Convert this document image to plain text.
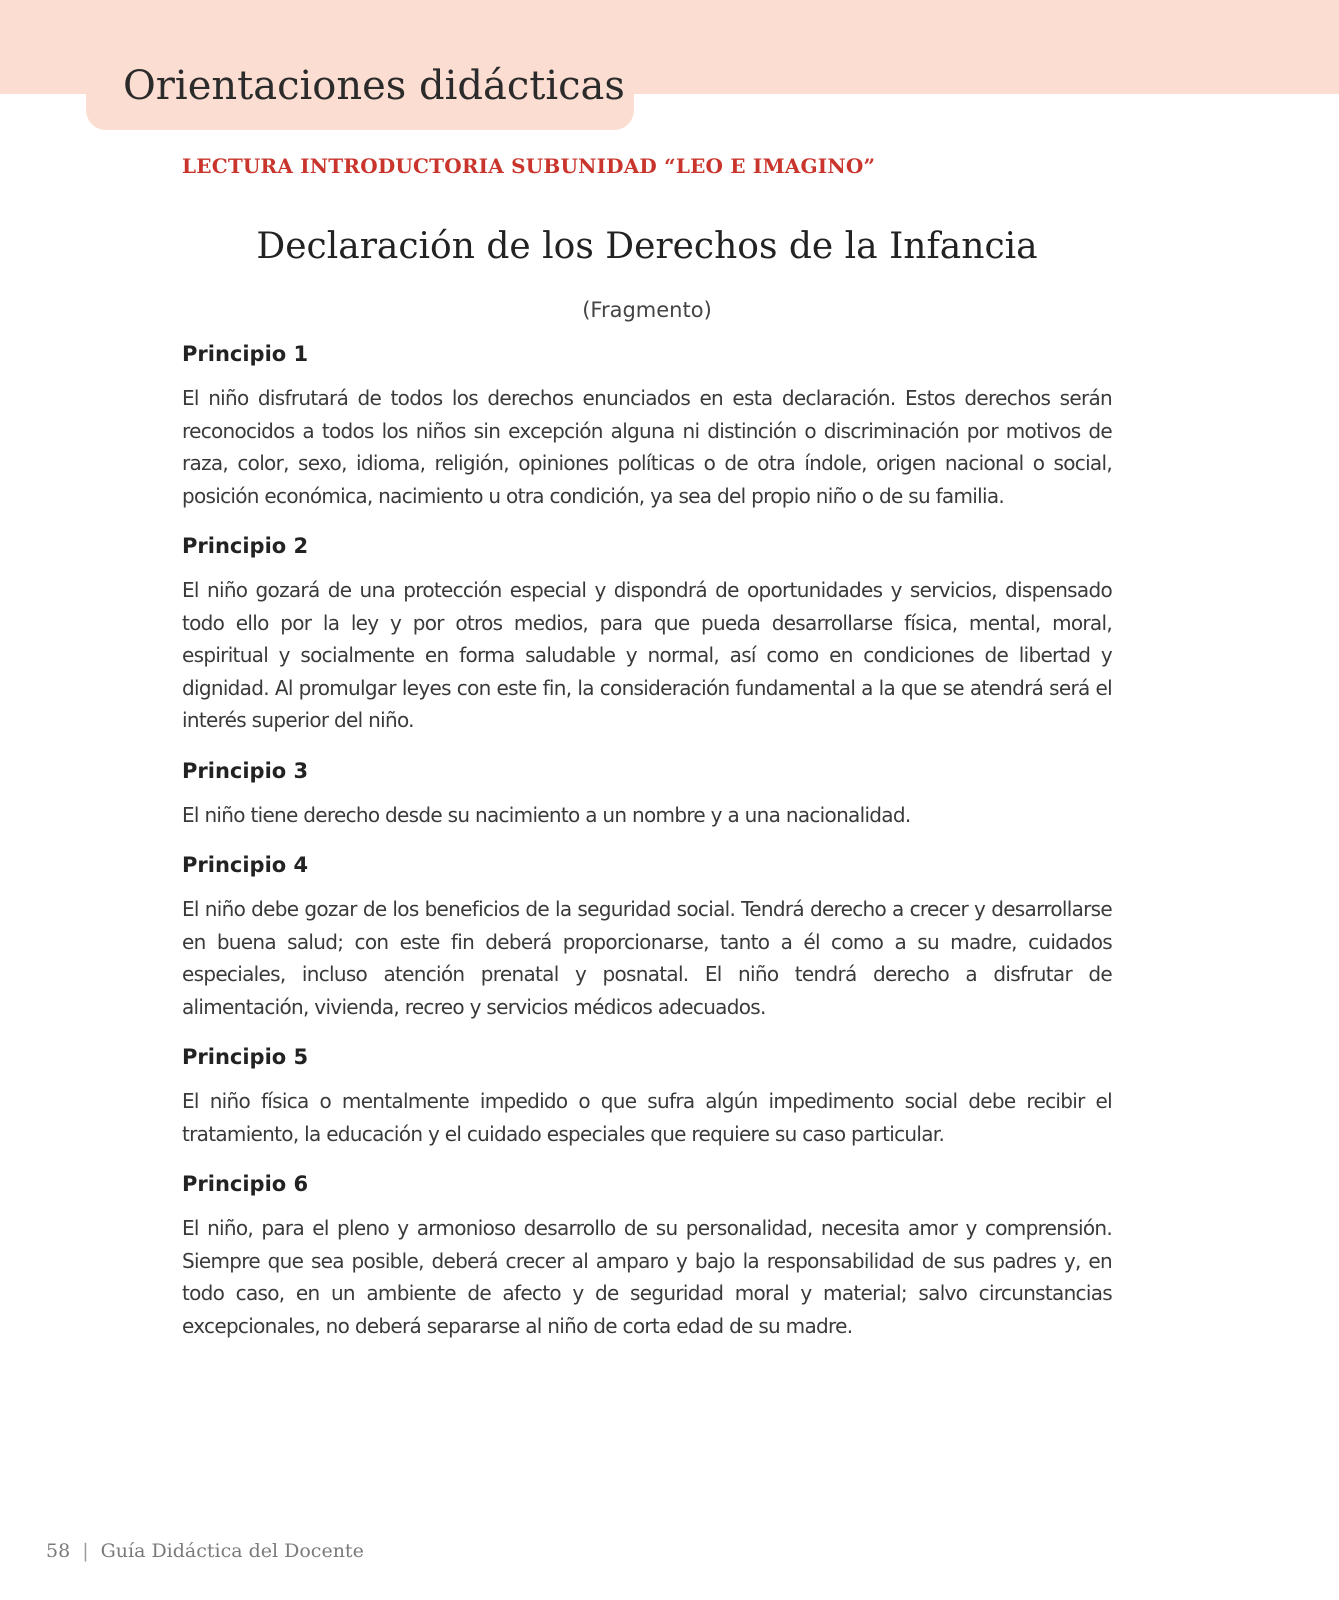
Orientaciones didácticas
LECTURA INTRODUCTORIA SUBUNIDAD “LEO E IMAGINO”
Declaración de los Derechos de la Infancia

(Fragmento)

Principio 1

El niño disfrutará de todos los derechos enunciados en esta declaración. Estos derechos serán reconocidos a todos los niños sin excepción alguna ni distinción o discriminación por motivos de raza, color, sexo, idioma, religión, opiniones políticas o de otra índole, origen nacional o social, posición económica, nacimiento u otra condición, ya sea del propio niño o de su familia.

Principio 2

El niño gozará de una protección especial y dispondrá de oportunidades y servicios, dispensado todo ello por la ley y por otros medios, para que pueda desarrollarse física, mental, moral, espiritual y socialmente en forma saludable y normal, así como en condiciones de libertad y dignidad. Al promulgar leyes con este fin, la consideración fundamental a la que se atendrá será el interés superior del niño.

Principio 3

El niño tiene derecho desde su nacimiento a un nombre y a una nacionalidad.

Principio 4

El niño debe gozar de los beneficios de la seguridad social. Tendrá derecho a crecer y desarrollarse en buena salud; con este fin deberá proporcionarse, tanto a él como a su madre, cuidados especiales, incluso atención prenatal y posnatal. El niño tendrá derecho a disfrutar de alimentación, vivienda, recreo y servicios médicos adecuados.

Principio 5

El niño física o mentalmente impedido o que sufra algún impedimento social debe recibir el tratamiento, la educación y el cuidado especiales que requiere su caso particular.

Principio 6

El niño, para el pleno y armonioso desarrollo de su personalidad, necesita amor y comprensión. Siempre que sea posible, deberá crecer al amparo y bajo la responsabilidad de sus padres y, en todo caso, en un ambiente de afecto y de seguridad moral y material; salvo circunstancias excepcionales, no deberá separarse al niño de corta edad de su madre.

58 | Guía Didáctica del Docente
